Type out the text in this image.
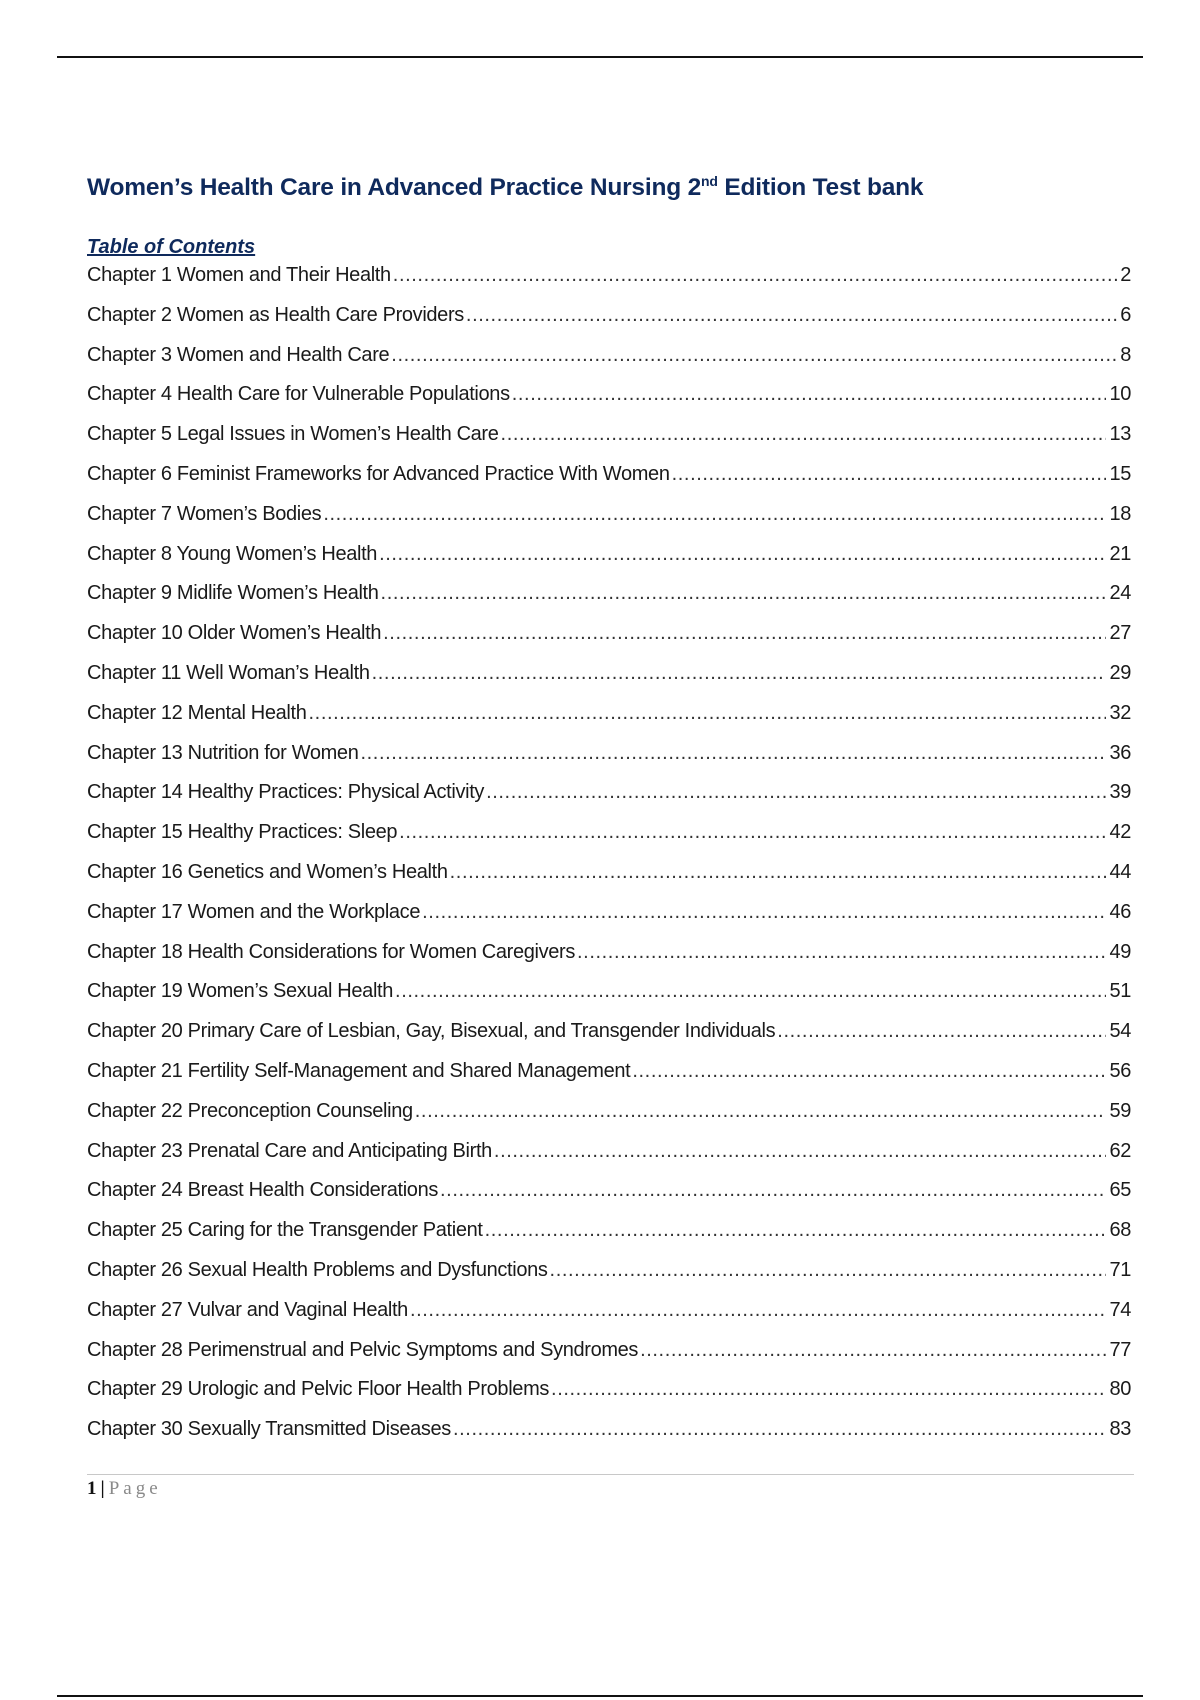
Women’s Health Care in Advanced Practice Nursing 2nd Edition Test bank
Table of Contents
Chapter 1 Women and Their Health .....	2
Chapter 2 Women as Health Care Providers .....	6
Chapter 3 Women and Health Care .....	8
Chapter 4 Health Care for Vulnerable Populations .....	10
Chapter 5 Legal Issues in Women’s Health Care .....	13
Chapter 6 Feminist Frameworks for Advanced Practice With Women .....	15
Chapter 7 Women’s Bodies .....	18
Chapter 8 Young Women’s Health .....	21
Chapter 9 Midlife Women’s Health .....	24
Chapter 10 Older Women’s Health .....	27
Chapter 11 Well Woman’s Health .....	29
Chapter 12 Mental Health .....	32
Chapter 13 Nutrition for Women .....	36
Chapter 14 Healthy Practices: Physical Activity .....	39
Chapter 15 Healthy Practices: Sleep .....	42
Chapter 16 Genetics and Women’s Health .....	44
Chapter 17 Women and the Workplace .....	46
Chapter 18 Health Considerations for Women Caregivers .....	49
Chapter 19 Women’s Sexual Health .....	51
Chapter 20 Primary Care of Lesbian, Gay, Bisexual, and Transgender Individuals .....	54
Chapter 21 Fertility Self-Management and Shared Management .....	56
Chapter 22 Preconception Counseling .....	59
Chapter 23 Prenatal Care and Anticipating Birth .....	62
Chapter 24 Breast Health Considerations .....	65
Chapter 25 Caring for the Transgender Patient .....	68
Chapter 26 Sexual Health Problems and Dysfunctions .....	71
Chapter 27 Vulvar and Vaginal Health .....	74
Chapter 28 Perimenstrual and Pelvic Symptoms and Syndromes .....	77
Chapter 29 Urologic and Pelvic Floor Health Problems .....	80
Chapter 30 Sexually Transmitted Diseases .....	83
1 | Page
